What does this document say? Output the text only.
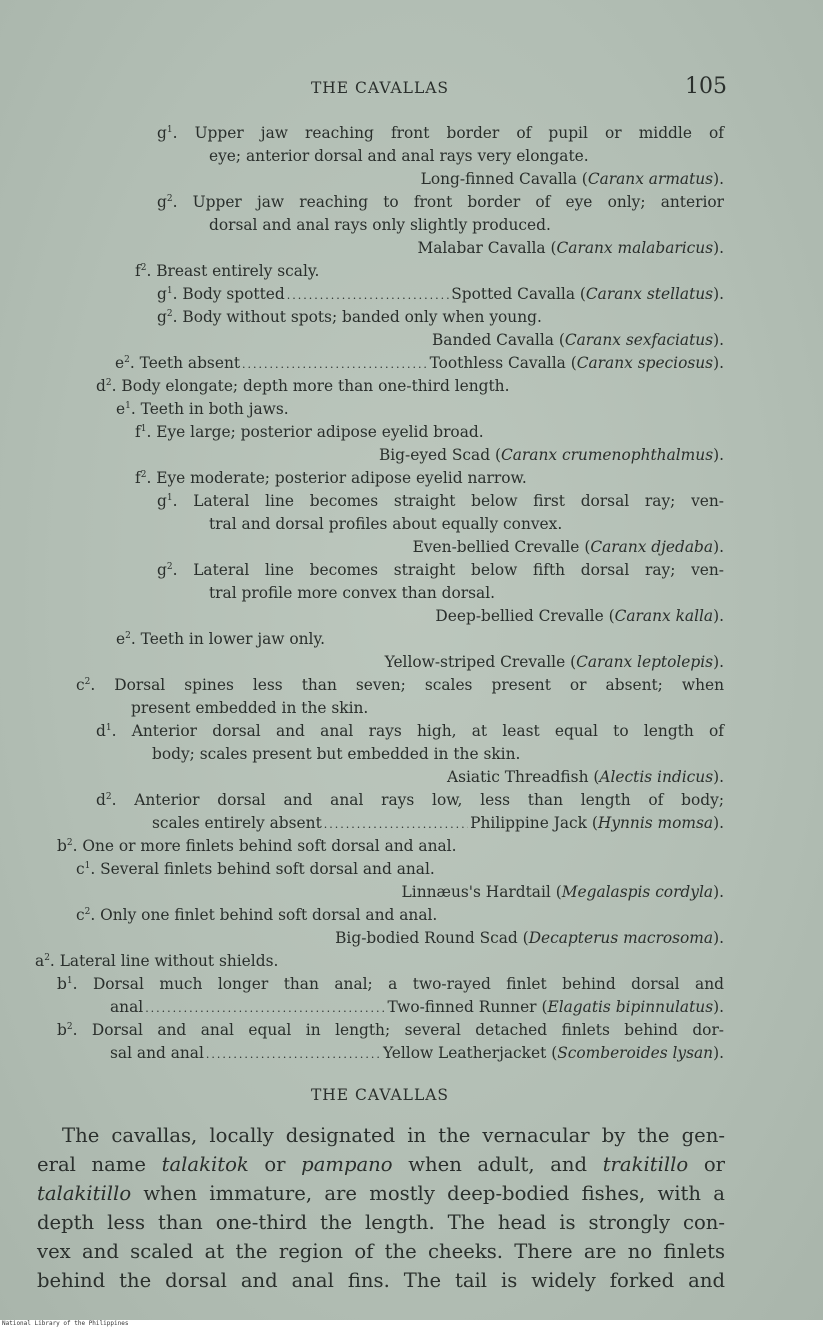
THE CAVALLAS	105
$g^1$. Upper jaw reaching front border of pupil or middle of
eye; anterior dorsal and anal rays very elongate.
Long-finned Cavalla (Caranx armatus).
$g^2$. Upper jaw reaching to front border of eye only; anterior
dorsal and anal rays only slightly produced.
Malabar Cavalla (Caranx malabaricus).
$f^2$. Breast entirely scaly.
$g^1$. Body spotted .....	Spotted Cavalla (Caranx stellatus).
$g^2$. Body without spots; banded only when young.
Banded Cavalla (Caranx sexfaciatus).
$e^2$. Teeth absent .....	Toothless Cavalla (Caranx speciosus).
$d^2$. Body elongate; depth more than one-third length.
$e^1$. Teeth in both jaws.
$f^1$. Eye large; posterior adipose eyelid broad.
Big-eyed Scad (Caranx crumenophthalmus).
$f^2$. Eye moderate; posterior adipose eyelid narrow.
$g^1$. Lateral line becomes straight below first dorsal ray; ven-
tral and dorsal profiles about equally convex.
Even-bellied Crevalle (Caranx djedaba).
$g^2$. Lateral line becomes straight below fifth dorsal ray; ven-
tral profile more convex than dorsal.
Deep-bellied Crevalle (Caranx kalla).
$e^2$. Teeth in lower jaw only.
Yellow-striped Crevalle (Caranx leptolepis).
$c^2$. Dorsal spines less than seven; scales present or absent; when
present embedded in the skin.
$d^1$. Anterior dorsal and anal rays high, at least equal to length of
body; scales present but embedded in the skin.
Asiatic Threadfish (Alectis indicus).
$d^2$. Anterior dorsal and anal rays low, less than length of body;
scales entirely absent .....	Philippine Jack (Hynnis momsa).
$b^2$. One or more finlets behind soft dorsal and anal.
$c^1$. Several finlets behind soft dorsal and anal.
Linnæus's Hardtail (Megalaspis cordyla).
$c^2$. Only one finlet behind soft dorsal and anal.
Big-bodied Round Scad (Decapterus macrosoma).
$a^2$. Lateral line without shields.
$b^1$. Dorsal much longer than anal; a two-rayed finlet behind dorsal and
anal .....	Two-finned Runner (Elagatis bipinnulatus).
$b^2$. Dorsal and anal equal in length; several detached finlets behind dor-
sal and anal .....	Yellow Leatherjacket (Scomberoides lysan).
THE CAVALLAS
The cavallas, locally designated in the vernacular by the gen-
eral name talakitok or pampano when adult, and trakitillo or
talakitillo when immature, are mostly deep-bodied fishes, with a
depth less than one-third the length. The head is strongly con-
vex and scaled at the region of the cheeks. There are no finlets
behind the dorsal and anal fins. The tail is widely forked and
National Library of the Philippines
